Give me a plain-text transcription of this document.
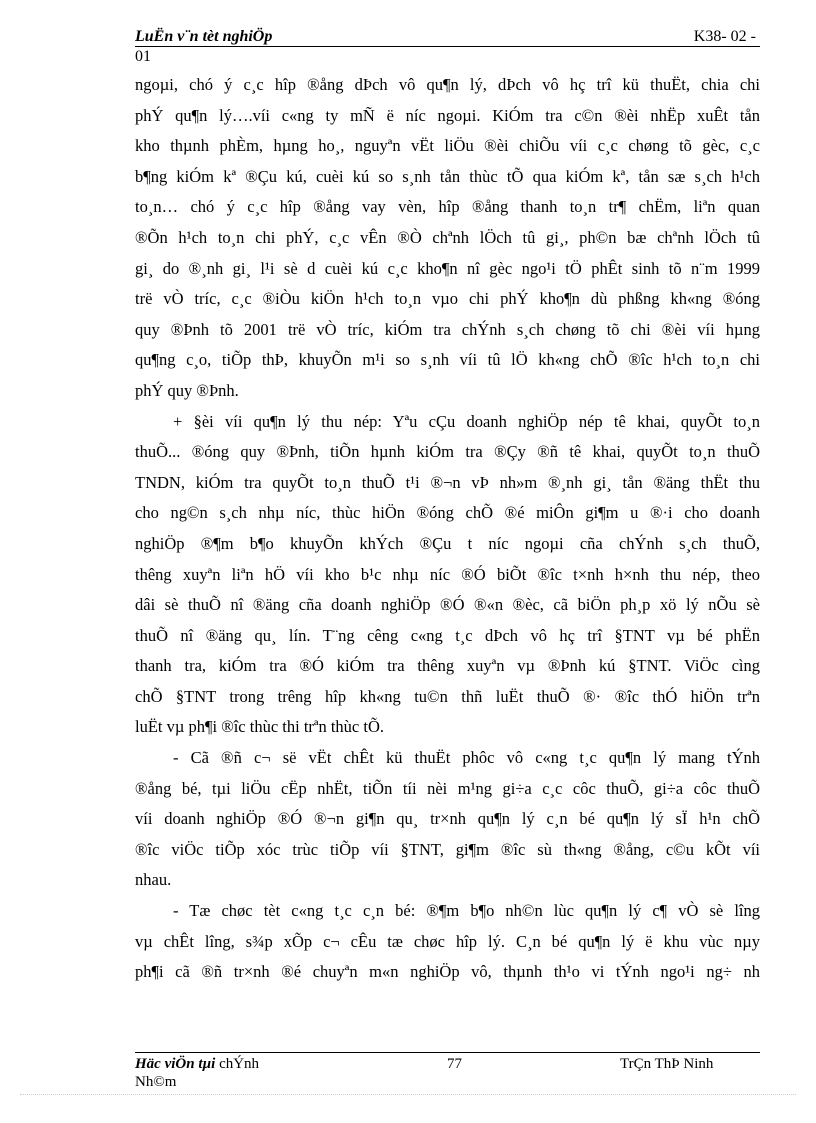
LuËn v¨n tèt nghiÖp	K38- 02 -
01
ngoµi, chó ý c¸c hîp ®ång dÞch vô qu¶n lý, dÞch vô hç trî kü thuËt, chia chi
phÝ qu¶n lý….víi c«ng ty mÑ ë níc ngoµi. KiÓm tra c©n ®èi nhËp xuÊt tån
kho thµnh phÈm, hµng ho¸, nguyªn vËt liÖu ®èi chiÕu víi c¸c chøng tõ gèc, c¸c
b¶ng kiÓm kª ®Çu kú, cuèi kú so s¸nh tån thùc tÕ qua kiÓm kª, tån sæ s¸ch h¹ch
to¸n… chó ý c¸c hîp ®ång vay vèn, hîp ®ång thanh to¸n tr¶ chËm, liªn quan
®Õn h¹ch to¸n chi phÝ, c¸c vÊn ®Ò chªnh lÖch tû gi¸, ph©n bæ chªnh lÖch tû
gi¸ do ®¸nh gi¸ l¹i sè d cuèi kú c¸c kho¶n nî gèc ngo¹i tÖ phÊt sinh tõ n¨m 1999
trë vÒ tríc, c¸c ®iÒu kiÖn h¹ch to¸n vµo chi phÝ kho¶n dù phßng kh«ng ®óng
quy ®Þnh tõ 2001 trë vÒ tríc, kiÓm tra chÝnh s¸ch chøng tõ chi ®èi víi hµng
qu¶ng c¸o, tiÕp thÞ, khuyÕn m¹i so s¸nh víi tû lÖ kh«ng chÕ ®îc h¹ch to¸n chi
phÝ quy ®Þnh.
+ §èi víi qu¶n lý thu nép: Yªu cÇu doanh nghiÖp nép tê khai, quyÕt to¸n
thuÕ... ®óng quy ®Þnh, tiÕn hµnh kiÓm tra ®Çy ®ñ tê khai, quyÕt to¸n thuÕ
TNDN, kiÓm tra quyÕt to¸n thuÕ t¹i ®¬n vÞ nh»m ®¸nh gi¸ tån ®äng thËt thu
cho ng©n s¸ch nhµ níc, thùc hiÖn ®óng chÕ ®é miÔn gi¶m u ®·i cho doanh
nghiÖp ®¶m b¶o khuyÕn khÝch ®Çu t níc ngoµi cña chÝnh s¸ch thuÕ,
thêng xuyªn liªn hÖ víi kho b¹c nhµ níc ®Ó biÕt ®îc t×nh h×nh thu nép, theo
dâi sè thuÕ nî ®äng cña doanh nghiÖp ®Ó ®«n ®èc, cã biÖn ph¸p xö lý nÕu sè
thuÕ nî ®äng qu¸ lín. T¨ng cêng c«ng t¸c dÞch vô hç trî §TNT vµ bé phËn
thanh tra, kiÓm tra ®Ó kiÓm tra thêng xuyªn vµ ®Þnh kú §TNT. ViÖc cìng
chÕ §TNT trong trêng hîp kh«ng tu©n thñ luËt thuÕ ®· ®îc thÓ hiÖn trªn
luËt vµ ph¶i ®îc thùc thi trªn thùc tÕ.
- Cã ®ñ c¬ së vËt chÊt kü thuËt phôc vô c«ng t¸c qu¶n lý mang tÝnh
®ång bé, tµi liÖu cËp nhËt, tiÕn tíi nèi m¹ng gi÷a c¸c côc thuÕ, gi÷a côc thuÕ
víi doanh nghiÖp ®Ó ®¬n gi¶n qu¸ tr×nh qu¶n lý c¸n bé qu¶n lý sÏ h¹n chÕ
®îc viÖc tiÕp xóc trùc tiÕp víi §TNT, gi¶m ®îc sù th«ng ®ång, c©u kÕt víi
nhau.
- Tæ chøc tèt c«ng t¸c c¸n bé: ®¶m b¶o nh©n lùc qu¶n lý c¶ vÒ sè lîng
vµ chÊt lîng, s¾p xÕp c¬ cÊu tæ chøc hîp lý. C¸n bé qu¶n lý ë khu vùc nµy
ph¶i cã ®ñ tr×nh ®é chuyªn m«n nghiÖp vô, thµnh th¹o vi tÝnh ngo¹i ng÷ nh
Häc viÖn tµi chÝnh
Nh©m
77	TrÇn ThÞ Ninh
